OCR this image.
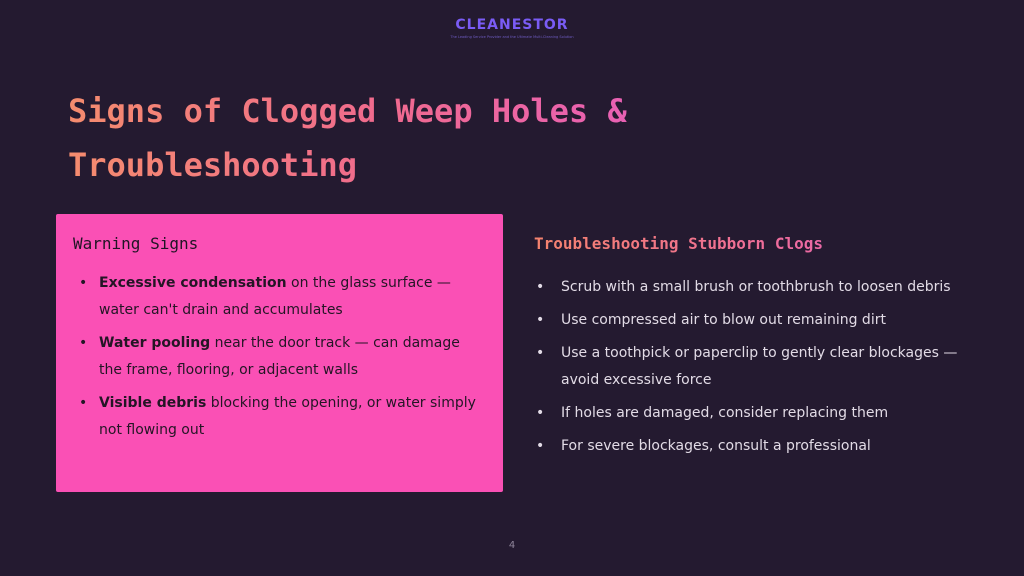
CLEANESTOR
The Leading Service Provider and the Ultimate Multi-Cleaning Solution
Signs of Clogged Weep Holes & Troubleshooting
Warning Signs
• Excessive condensation on the glass surface — water can't drain and accumulates
• Water pooling near the door track — can damage the frame, flooring, or adjacent walls
• Visible debris blocking the opening, or water simply not flowing out
Troubleshooting Stubborn Clogs
• Scrub with a small brush or toothbrush to loosen debris
• Use compressed air to blow out remaining dirt
• Use a toothpick or paperclip to gently clear blockages — avoid excessive force
• If holes are damaged, consider replacing them
• For severe blockages, consult a professional
4
